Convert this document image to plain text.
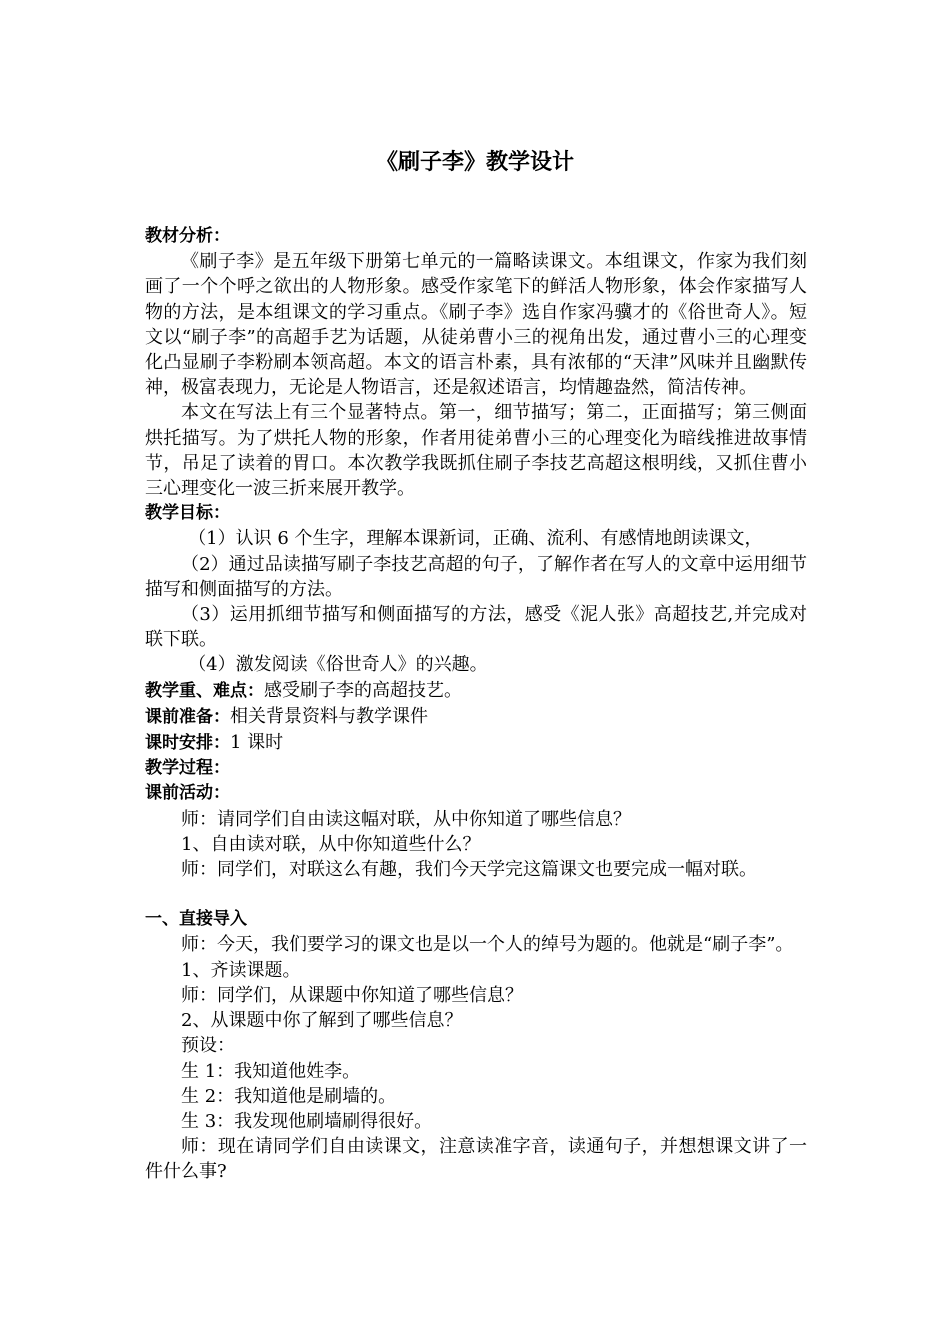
《刷子李》教学设计

教材分析：

《刷子李》是五年级下册第七单元的一篇略读课文。本组课文，作家为我们刻画了一个个呼之欲出的人物形象。感受作家笔下的鲜活人物形象，体会作家描写人物的方法，是本组课文的学习重点。《刷子李》选自作家冯骥才的《俗世奇人》。短文以“刷子李”的高超手艺为话题，从徒弟曹小三的视角出发，通过曹小三的心理变化凸显刷子李粉刷本领高超。本文的语言朴素，具有浓郁的“天津”风味并且幽默传神，极富表现力，无论是人物语言，还是叙述语言，均情趣盎然，简洁传神。

本文在写法上有三个显著特点。第一，细节描写；第二，正面描写；第三侧面烘托描写。为了烘托人物的形象，作者用徒弟曹小三的心理变化为暗线推进故事情节，吊足了读着的胃口。本次教学我既抓住刷子李技艺高超这根明线，又抓住曹小三心理变化一波三折来展开教学。

教学目标：

（1）认识 6 个生字，理解本课新词，正确、流利、有感情地朗读课文，

（2）通过品读描写刷子李技艺高超的句子，了解作者在写人的文章中运用细节描写和侧面描写的方法。

（3）运用抓细节描写和侧面描写的方法，感受《泥人张》高超技艺,并完成对联下联。

（4）激发阅读《俗世奇人》的兴趣。

教学重、难点：感受刷子李的高超技艺。

课前准备：相关背景资料与教学课件

课时安排：1 课时

教学过程：

课前活动：

师：请同学们自由读这幅对联，从中你知道了哪些信息？

1、自由读对联，从中你知道些什么？

师：同学们，对联这么有趣，我们今天学完这篇课文也要完成一幅对联。

一、直接导入

师：今天，我们要学习的课文也是以一个人的绰号为题的。他就是“刷子李”。

1、齐读课题。

师：同学们，从课题中你知道了哪些信息？

2、从课题中你了解到了哪些信息？

预设：

生 1：我知道他姓李。

生 2：我知道他是刷墙的。

生 3：我发现他刷墙刷得很好。

师：现在请同学们自由读课文，注意读准字音，读通句子，并想想课文讲了一件什么事?
